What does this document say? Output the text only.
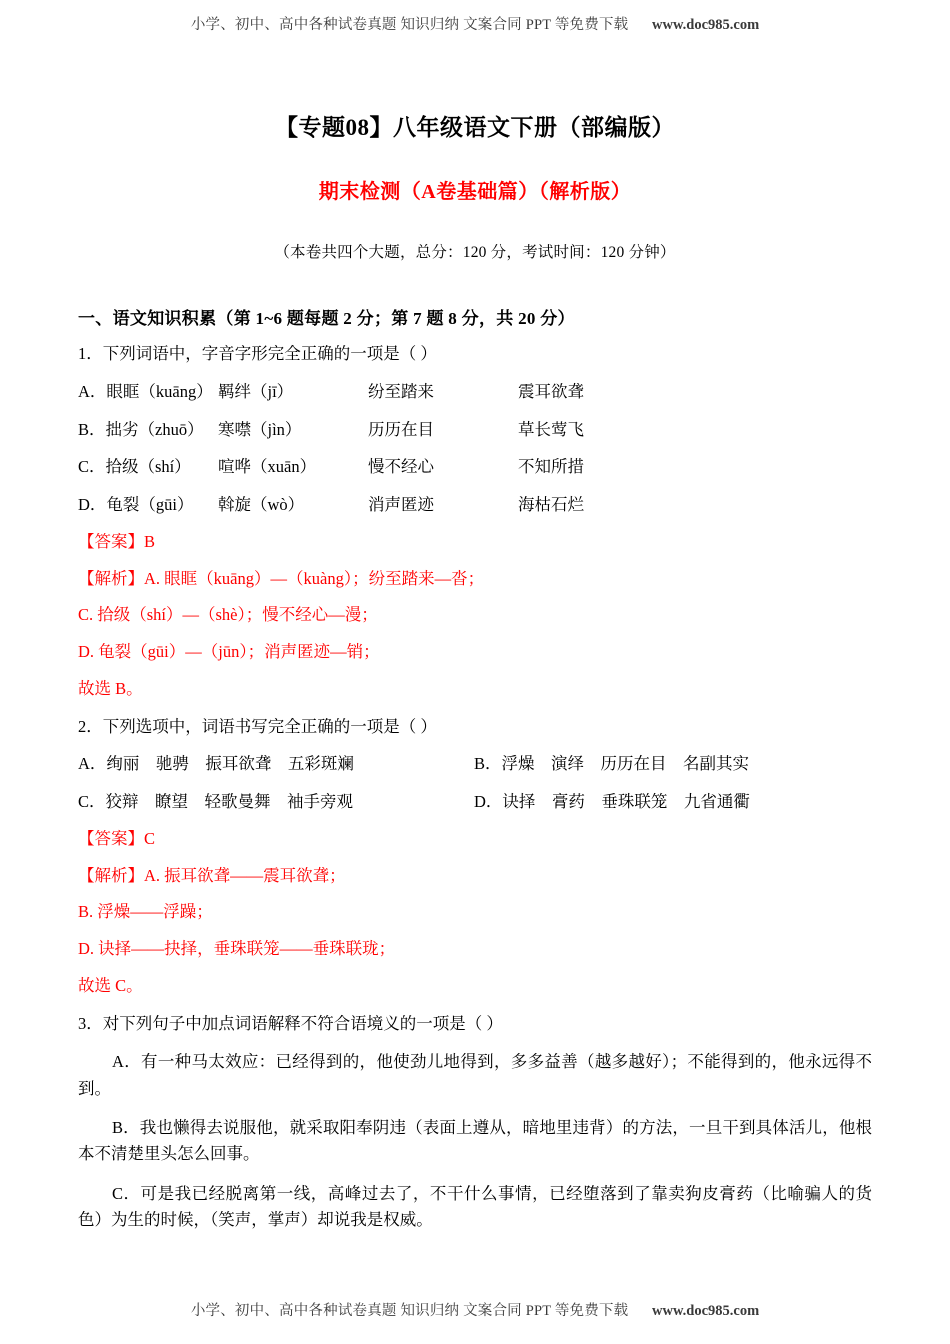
小学、初中、高中各种试卷真题 知识归纳 文案合同 PPT 等免费下载 www.doc985.com
【专题08】八年级语文下册（部编版）
期末检测（A卷基础篇）（解析版）
（本卷共四个大题，总分：120 分，考试时间：120 分钟）
一、语文知识积累（第 1~6 题每题 2 分；第 7 题 8 分，共 20 分）
1．下列词语中，字音字形完全正确的一项是（ ）
A．眼眶（kuāng） 羁绊（jī）	纷至踏来	震耳欲聋
B．拙劣（zhuō） 寒噤（jìn）	历历在目	草长莺飞
C．拾级（shí）	喧哗（xuān）	慢不经心	不知所措
D．龟裂（gūi）	斡旋（wò）	消声匿迹	海枯石烂
【答案】B
【解析】A. 眼眶（kuāng）—（kuàng）；纷至踏来—沓；
C. 拾级（shí）—（shè）；慢不经心—漫；
D. 龟裂（gūi）—（jūn）；消声匿迹—销；
故选 B。
2．下列选项中，词语书写完全正确的一项是（ ）
A．绚丽　驰骋　振耳欲聋　五彩斑斓	B．浮燥　演绎　历历在目　名副其实
C．狡辩　瞭望　轻歌曼舞　袖手旁观	D．诀择　膏药　垂珠联笼　九省通衢
【答案】C
【解析】A. 振耳欲聋——震耳欲聋；
B. 浮燥——浮躁；
D. 诀择——抉择，垂珠联笼——垂珠联珑；
故选 C。
3．对下列句子中加点词语解释不符合语境义的一项是（ ）
A．有一种马太效应：已经得到的，他使劲儿地得到，多多益善（越多越好）；不能得到的，他永远得不到。
B．我也懒得去说服他，就采取阳奉阴违（表面上遵从，暗地里违背）的方法，一旦干到具体活儿，他根本不清楚里头怎么回事。
C．可是我已经脱离第一线，高峰过去了，不干什么事情，已经堕落到了靠卖狗皮膏药（比喻骗人的货色）为生的时候，（笑声，掌声）却说我是权威。
小学、初中、高中各种试卷真题 知识归纳 文案合同 PPT 等免费下载 www.doc985.com
